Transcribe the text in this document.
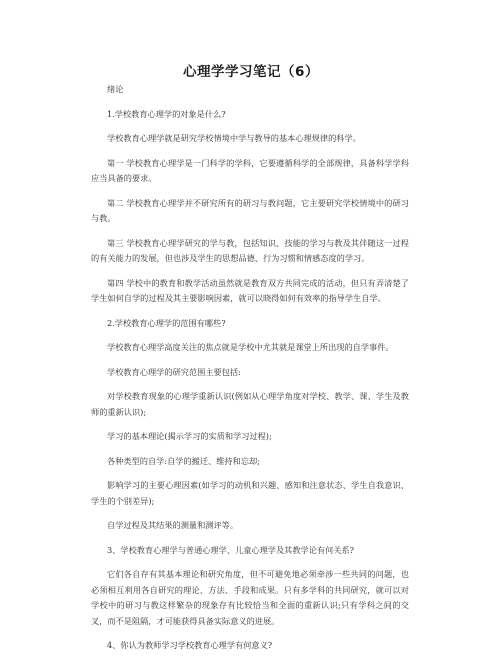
心理学学习笔记（6）

绪论

1.学校教育心理学的对象是什么?

学校教育心理学就是研究学校情境中学与教导的基本心理规律的科学。

第一 学校教育心理学是一门科学的学科，它要遵循科学的全部规律，具备科学学科应当具备的要求。

第二 学校教育心理学并不研究所有的研习与教问题，它主要研究学校情境中的研习与教。

第三 学校教育心理学研究的学与教，包括知识、技能的学习与教及其伴随这一过程的有关能力的发展，但也涉及学生的思想品德、行为习惯和情感态度的学习。

第四 学校中的教育和教学活动虽然就是教育双方共同完成的活动，但只有弄清楚了学生如何自学的过程及其主要影响因素，就可以晓得如何有效率的指导学生自学。

2.学校教育心理学的范围有哪些?

学校教育心理学高度关注的焦点就是学校中尤其就是课堂上所出现的自学事件。

学校教育心理学的研究范围主要包括:

对学校教育现象的心理学重新认识(例如从心理学角度对学校、教学、课、学生及教师的重新认识);

学习的基本理论(揭示学习的实质和学习过程);

各种类型的自学:自学的搬迁、维持和忘却;

影响学习的主要心理因素(如学习的动机和兴趣、感知和注意状态、学生自我意识、学生的个别差异);

自学过程及其结果的测量和测评等。

3、学校教育心理学与普通心理学、儿童心理学及其教学论有何关系?

它们各自存有其基本理论和研究角度，但不可避免地必须牵涉一些共同的问题，也必须相互利用各自研究的理论、方法、手段和成果。只有多学科的共同研究，就可以对学校中的研习与教这样繁杂的现象存有比较恰当和全面的重新认识;只有学科之间的交叉，而不是阻隔，才可能获得具备实际意义的进展。

4、你认为教师学习学校教育心理学有何意义?
